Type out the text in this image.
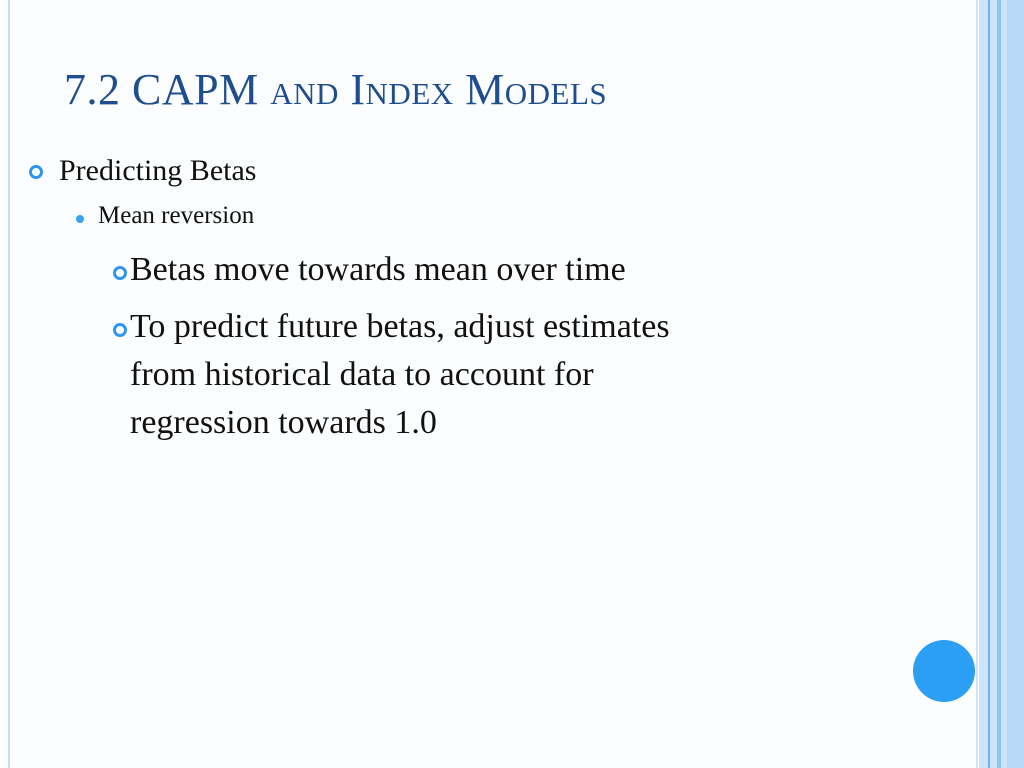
7.2 CAPM and Index Models
Predicting Betas
Mean reversion
Betas move towards mean over time
To predict future betas, adjust estimates
from historical data to account for
regression towards 1.0
